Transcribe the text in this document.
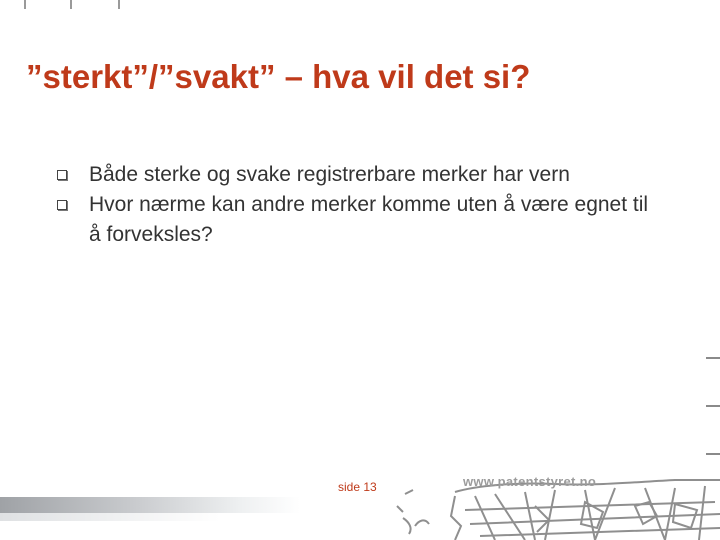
”sterkt”/”svakt” – hva vil det si?
Både sterke og svake registrerbare merker har vern
Hvor nærme kan andre merker komme uten å være egnet til å forveksles?
side 13	www.patentstyret.no
